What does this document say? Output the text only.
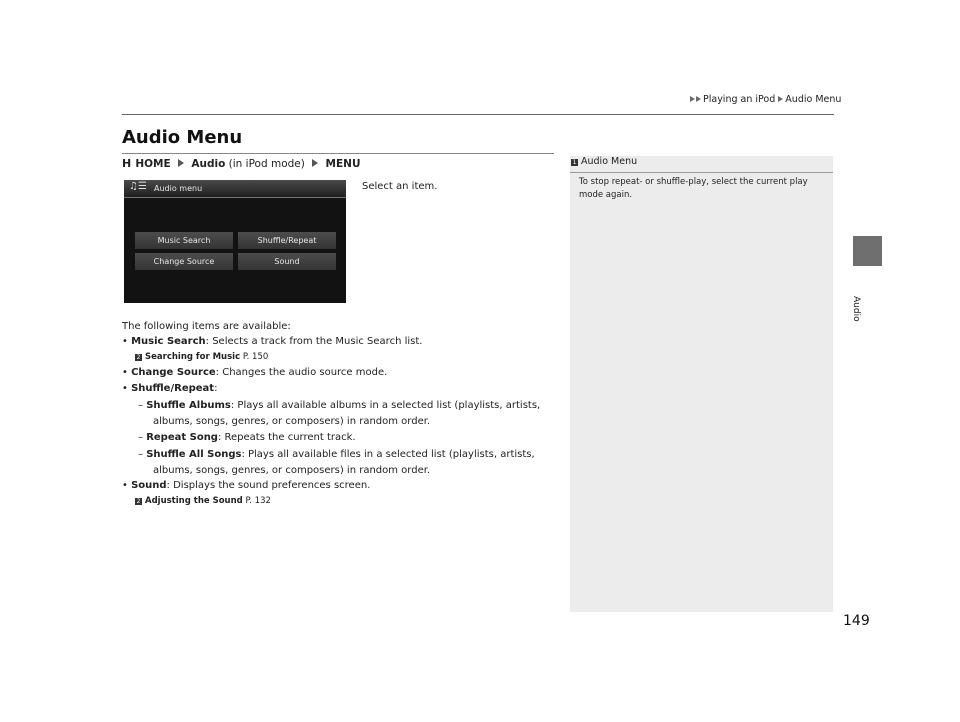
Playing an iPod Audio Menu
Audio Menu
Audio
H HOME Audio (in iPod mode) MENU
♫☰ Audio menu
Music Search	Shuffle/Repeat
Change Source	Sound
Select an item.
The following items are available:
• Music Search: Selects a track from the Music Search list.
2 Searching for Music P. 150
• Change Source: Changes the audio source mode.
• Shuffle/Repeat:
– Shuffle Albums: Plays all available albums in a selected list (playlists, artists,
albums, songs, genres, or composers) in random order.
– Repeat Song: Repeats the current track.
– Shuffle All Songs: Plays all available files in a selected list (playlists, artists,
albums, songs, genres, or composers) in random order.
• Sound: Displays the sound preferences screen.
2 Adjusting the Sound P. 132
1 Audio Menu
To stop repeat- or shuffle-play, select the current play
mode again.
149
